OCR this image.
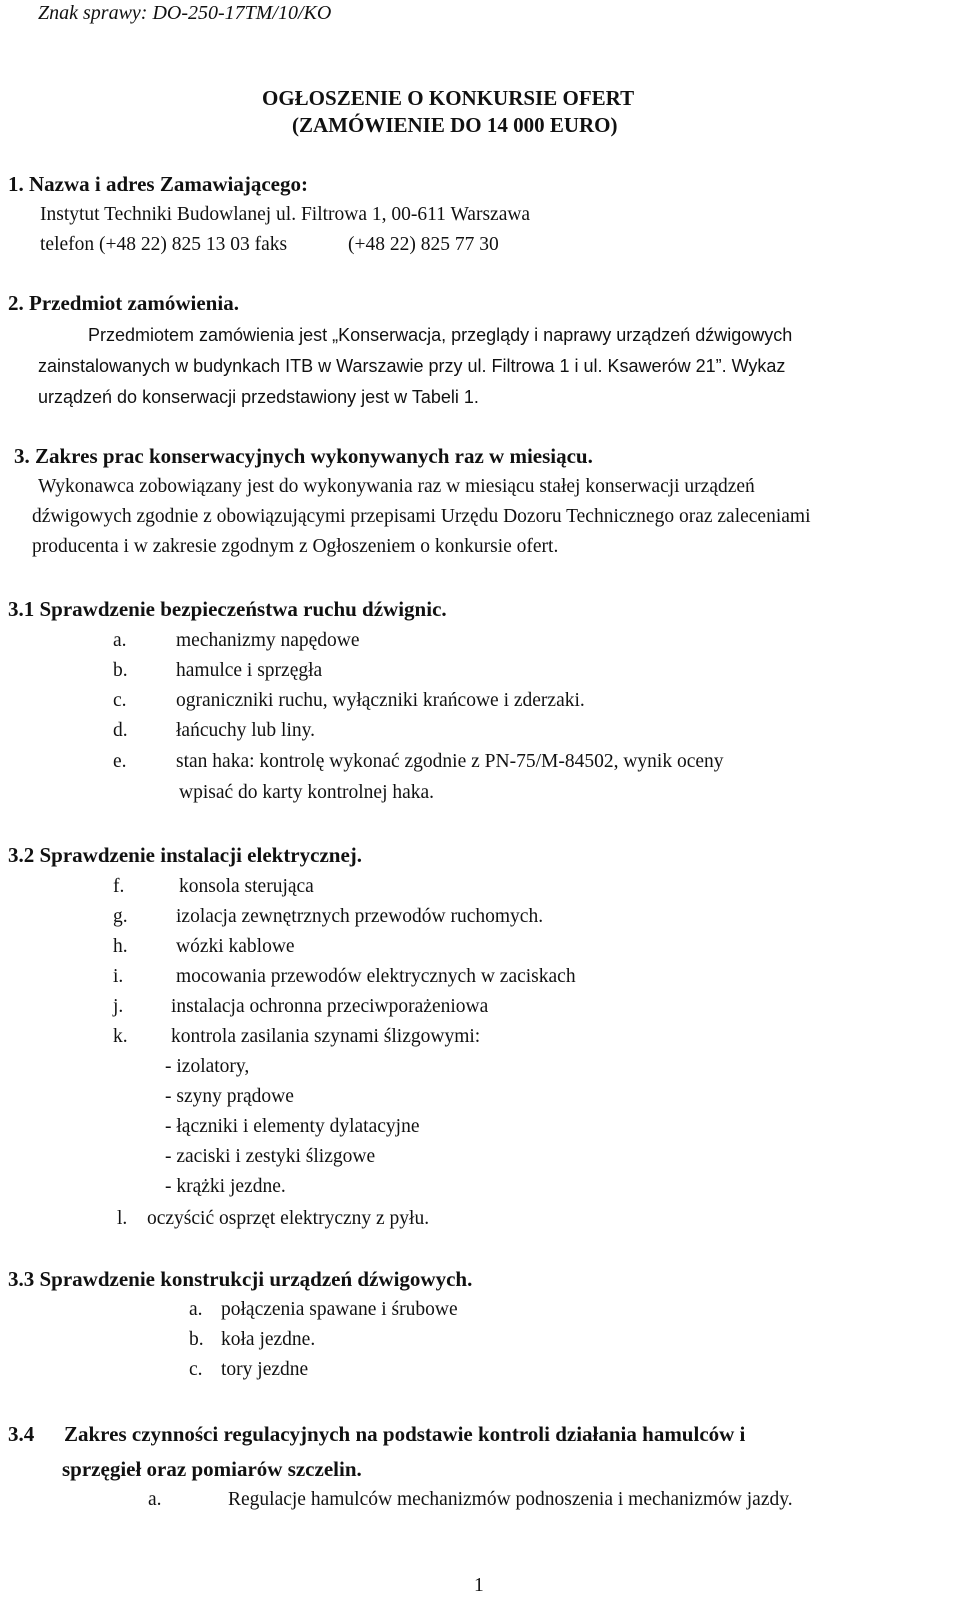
Znak sprawy: DO-250-17TM/10/KO
OGŁOSZENIE O KONKURSIE OFERT
(ZAMÓWIENIE DO 14 000 EURO)
1. Nazwa i adres Zamawiającego:
Instytut Techniki Budowlanej ul. Filtrowa 1, 00-611 Warszawa
telefon (+48 22) 825 13 03 faks	(+48 22) 825 77 30
2. Przedmiot zamówienia.
Przedmiotem zamówienia jest „Konserwacja, przeglądy i naprawy urządzeń dźwigowych
zainstalowanych w budynkach ITB w Warszawie przy ul. Filtrowa 1 i ul. Ksawerów 21”. Wykaz
urządzeń do konserwacji przedstawiony jest w Tabeli 1.
3. Zakres prac konserwacyjnych wykonywanych raz w miesiącu.
Wykonawca zobowiązany jest do wykonywania raz w miesiącu stałej konserwacji urządzeń
dźwigowych zgodnie z obowiązującymi przepisami Urzędu Dozoru Technicznego oraz zaleceniami
producenta i w zakresie zgodnym z Ogłoszeniem o konkursie ofert.
3.1 Sprawdzenie bezpieczeństwa ruchu dźwignic.
a.	mechanizmy napędowe
b. hamulce i sprzęgła
c.	ograniczniki ruchu, wyłączniki krańcowe i zderzaki.
d. łańcuchy lub liny.
e.	stan haka: kontrolę wykonać zgodnie z PN-75/M-84502, wynik oceny
wpisać do karty kontrolnej haka.
3.2 Sprawdzenie instalacji elektrycznej.
f.	konsola sterująca
g. izolacja zewnętrznych przewodów ruchomych.
h. wózki kablowe
i.	mocowania przewodów elektrycznych w zaciskach
j. instalacja ochronna przeciwporażeniowa
k. kontrola zasilania szynami ślizgowymi:
- izolatory,
- szyny prądowe
- łączniki i elementy dylatacyjne
- zaciski i zestyki ślizgowe
- krążki jezdne.
l. oczyścić osprzęt elektryczny z pyłu.
3.3 Sprawdzenie konstrukcji urządzeń dźwigowych.
a. połączenia spawane i śrubowe
b. koła jezdne.
c. tory jezdne
3.4 Zakres czynności regulacyjnych na podstawie kontroli działania hamulców i
sprzęgieł oraz pomiarów szczelin.
a.	Regulacje hamulców mechanizmów podnoszenia i mechanizmów jazdy.
1
